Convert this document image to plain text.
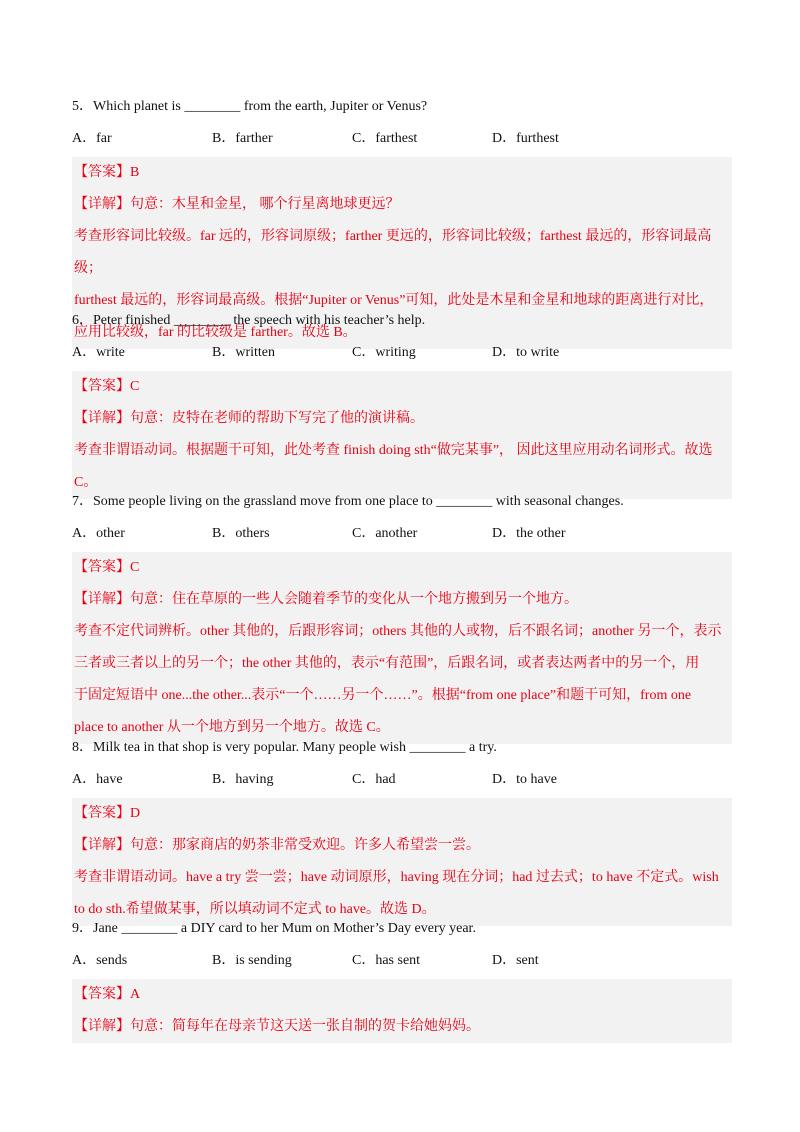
5．Which planet is ________ from the earth, Jupiter or Venus?

A．far	B．farther	C．farthest	D．furthest

【答案】B

【详解】句意：木星和金星， 哪个行星离地球更远？

考查形容词比较级。far 远的，形容词原级；farther 更远的，形容词比较级；farthest 最远的，形容词最高级；

furthest 最远的，形容词最高级。根据“Jupiter or Venus”可知，此处是木星和金星和地球的距离进行对比，

应用比较级，far 的比较级是 farther。故选 B。

6．Peter finished ________ the speech with his teacher’s help.

A．write	B．written	C．writing	D．to write

【答案】C

【详解】句意：皮特在老师的帮助下写完了他的演讲稿。

考查非谓语动词。根据题干可知，此处考查 finish doing sth“做完某事”， 因此这里应用动名词形式。故选

C。

7．Some people living on the grassland move from one place to ________ with seasonal changes.

A．other	B．others	C．another	D．the other

【答案】C

【详解】句意：住在草原的一些人会随着季节的变化从一个地方搬到另一个地方。

考查不定代词辨析。other 其他的，后跟形容词；others 其他的人或物，后不跟名词；another 另一个，表示

三者或三者以上的另一个；the other 其他的，表示“有范围”，后跟名词，或者表达两者中的另一个，用

于固定短语中 one...the other...表示“一个……另一个……”。根据“from one place”和题干可知，from one

place to another 从一个地方到另一个地方。故选 C。

8．Milk tea in that shop is very popular. Many people wish ________ a try.

A．have	B．having	C．had	D．to have

【答案】D

【详解】句意：那家商店的奶茶非常受欢迎。许多人希望尝一尝。

考查非谓语动词。have a try 尝一尝；have 动词原形，having 现在分词；had 过去式；to have 不定式。wish

to do sth.希望做某事，所以填动词不定式 to have。故选 D。

9．Jane ________ a DIY card to her Mum on Mother’s Day every year.

A．sends	B．is sending	C．has sent	D．sent

【答案】A

【详解】句意：简每年在母亲节这天送一张自制的贺卡给她妈妈。
